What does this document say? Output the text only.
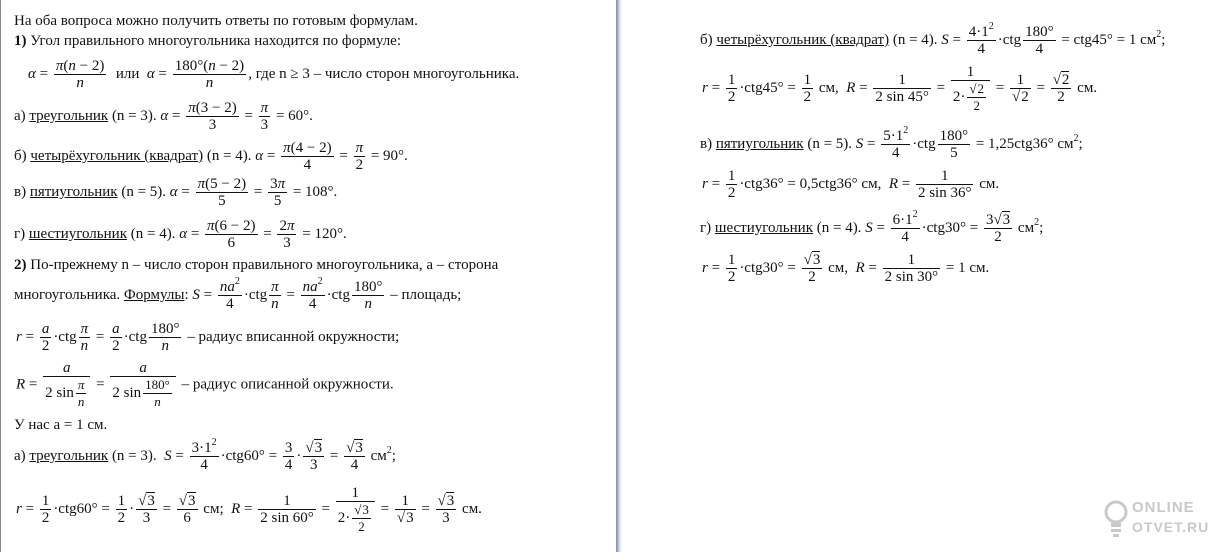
На оба вопроса можно получить ответы по готовым формулам.
1) Угол правильного многоугольника находится по формуле:
$\alpha = \frac{\pi(n - 2)}{n}$ или $\alpha = \frac{180^\circ(n - 2)}{n}$ , где n ≥ 3 – число сторон многоугольника.
а) треугольник (n = 3). $\alpha = \frac{\pi(3 - 2)}{3} = \frac{\pi}{3} = 60^\circ$.
б) четырёхугольник (квадрат) (n = 4). $\alpha = \frac{\pi(4 - 2)}{4} = \frac{\pi}{2} = 90^\circ$.
в) пятиугольник (n = 5). $\alpha = \frac{\pi(5 - 2)}{5} = \frac{3\pi}{5} = 108^\circ$.
г) шестиугольник (n = 4). $\alpha = \frac{\pi(6 - 2)}{6} = \frac{2\pi}{3} = 120^\circ$.
2) По-прежнему n – число сторон правильного многоугольника, a – сторона
многоугольника. Формулы: $S = \frac{na^2}{4} \cdot ctg \frac{\pi}{n} = \frac{na^2}{4} \cdot ctg \frac{180^\circ}{n}$ – площадь;
$r = \frac{a}{2} \cdot ctg \frac{\pi}{n} = \frac{a}{2} \cdot ctg \frac{180^\circ}{n}$ – радиус вписанной окружности;
$R = \frac{a}{2 \sin \frac{\pi}{n}} = \frac{a}{2 \sin \frac{180^\circ}{n}}$ – радиус описанной окружности.
У нас a = 1 см.
а) треугольник (n = 3). $S = \frac{3\cdot 1^2}{4} \cdot ctg60^\circ = \frac{3}{4} \cdot \frac{√3}{3} = \frac{√3}{4} см^2$;
$r = \frac{1}{2} \cdot ctg60^\circ = \frac{1}{2} \cdot \frac{√3}{3} = \frac{√3}{6}$ см;  $R = \frac{1}{2 \sin 60^\circ} = \frac{1}{2\cdot \frac{√3}{2}} = \frac{1}{√3} = \frac{√3}{3}$ см.
б) четырёхугольник (квадрат) (n = 4). $S = \frac{4\cdot 1^2}{4} \cdot ctg \frac{180^\circ}{4} = ctg45^\circ = 1$ $см^2$;
$r = \frac{1}{2} \cdot ctg45^\circ = \frac{1}{2}$ см,  $R = \frac{1}{2 \sin 45^\circ} = \frac{1}{2\cdot \frac{√2}{2}} = \frac{1}{√2} = \frac{√2}{2}$ см.
в) пятиугольник (n = 5). $S = \frac{5\cdot 1^2}{4} \cdot ctg \frac{180^\circ}{5} = 1,25ctg36^\circ$ $см^2$;
$r = \frac{1}{2} \cdot ctg36^\circ = 0,5ctg36^\circ$ см, $R = \frac{1}{2 \sin 36^\circ}$ см.
г) шестиугольник (n = 4). $S = \frac{6\cdot 1^2}{4} \cdot ctg30^\circ = \frac{3√3}{2} см^2$;
$r = \frac{1}{2} \cdot ctg30^\circ = \frac{√3}{2}$ см,  $R = \frac{1}{2 \sin 30^\circ} = 1$ см.
ONLINE
OTVET.RU
